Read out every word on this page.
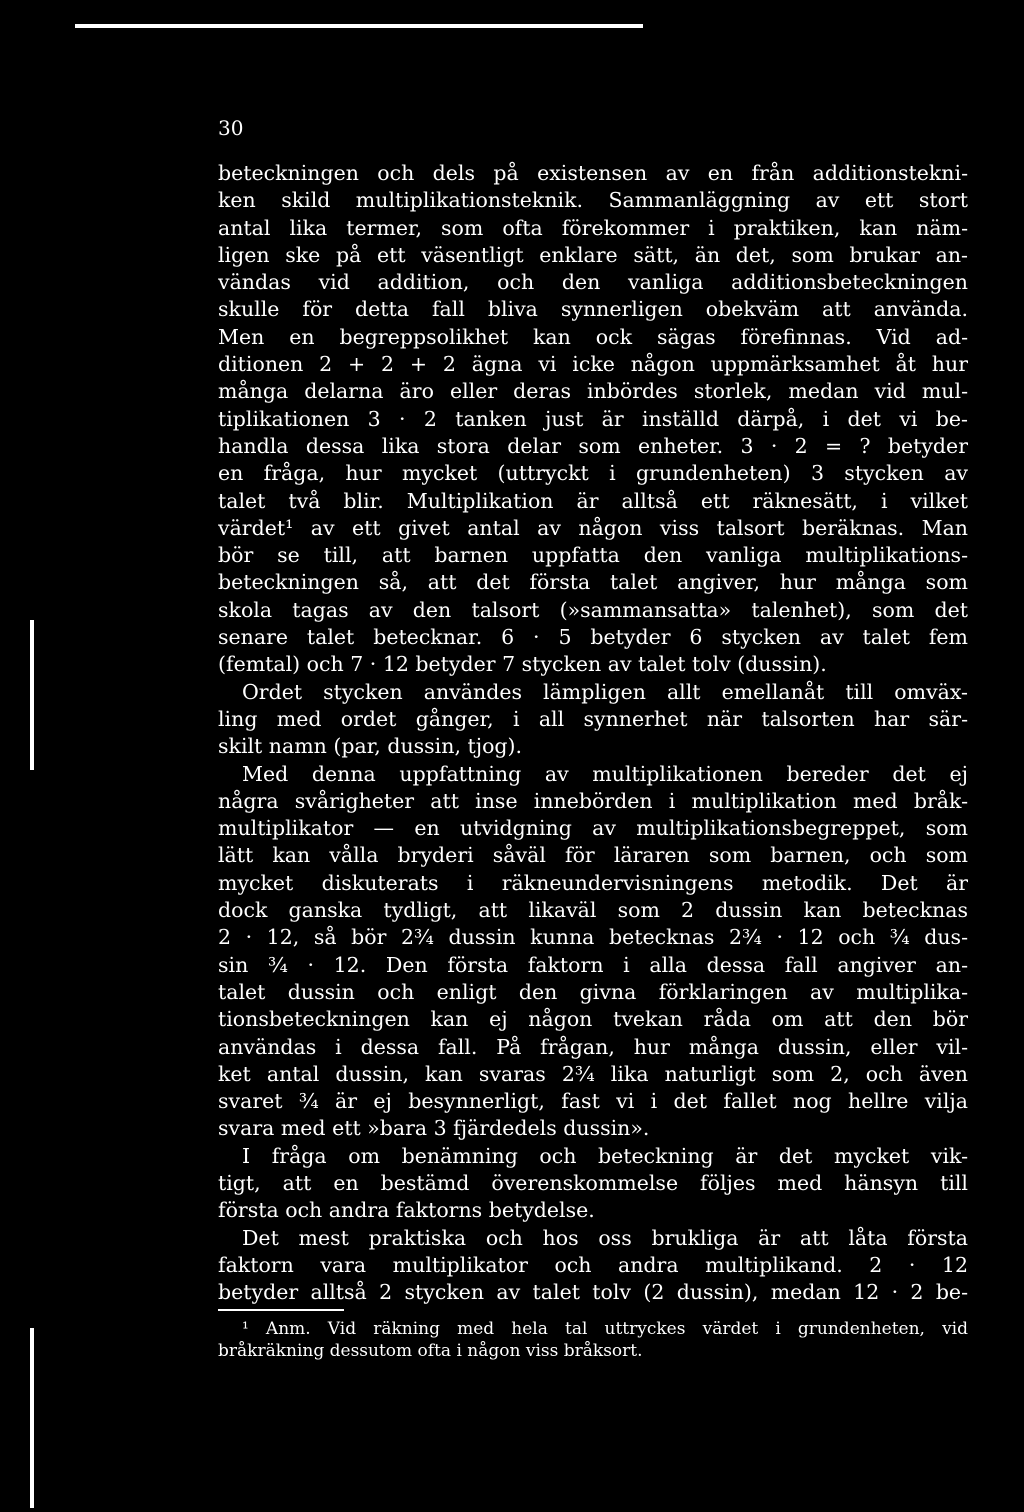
30
beteckningen och dels på existensen av en från additionstekni-
ken skild multiplikationsteknik. Sammanläggning av ett stort
antal lika termer, som ofta förekommer i praktiken, kan näm-
ligen ske på ett väsentligt enklare sätt, än det, som brukar an-
vändas vid addition, och den vanliga additionsbeteckningen
skulle för detta fall bliva synnerligen obekväm att använda.
Men en begreppsolikhet kan ock sägas förefinnas. Vid ad-
ditionen 2 + 2 + 2 ägna vi icke någon uppmärksamhet åt hur
många delarna äro eller deras inbördes storlek, medan vid mul-
tiplikationen 3 · 2 tanken just är inställd därpå, i det vi be-
handla dessa lika stora delar som enheter. 3 · 2 = ? betyder
en fråga, hur mycket (uttryckt i grundenheten) 3 stycken av
talet två blir. Multiplikation är alltså ett räknesätt, i vilket
värdet¹ av ett givet antal av någon viss talsort beräknas. Man
bör se till, att barnen uppfatta den vanliga multiplikations-
beteckningen så, att det första talet angiver, hur många som
skola tagas av den talsort (»sammansatta» talenhet), som det
senare talet betecknar. 6 · 5 betyder 6 stycken av talet fem
(femtal) och 7 · 12 betyder 7 stycken av talet tolv (dussin).
Ordet stycken användes lämpligen allt emellanåt till omväx-
ling med ordet gånger, i all synnerhet när talsorten har sär-
skilt namn (par, dussin, tjog).
Med denna uppfattning av multiplikationen bereder det ej
några svårigheter att inse innebörden i multiplikation med bråk-
multiplikator — en utvidgning av multiplikationsbegreppet, som
lätt kan vålla bryderi såväl för läraren som barnen, och som
mycket diskuterats i räkneundervisningens metodik. Det är
dock ganska tydligt, att likaväl som 2 dussin kan betecknas
2 · 12, så bör 2¾ dussin kunna betecknas 2¾ · 12 och ¾ dus-
sin ¾ · 12. Den första faktorn i alla dessa fall angiver an-
talet dussin och enligt den givna förklaringen av multiplika-
tionsbeteckningen kan ej någon tvekan råda om att den bör
användas i dessa fall. På frågan, hur många dussin, eller vil-
ket antal dussin, kan svaras 2¾ lika naturligt som 2, och även
svaret ¾ är ej besynnerligt, fast vi i det fallet nog hellre vilja
svara med ett »bara 3 fjärdedels dussin».
I fråga om benämning och beteckning är det mycket vik-
tigt, att en bestämd överenskommelse följes med hänsyn till
första och andra faktorns betydelse.
Det mest praktiska och hos oss brukliga är att låta första
faktorn vara multiplikator och andra multiplikand. 2 · 12
betyder alltså 2 stycken av talet tolv (2 dussin), medan 12 · 2 be-
¹ Anm. Vid räkning med hela tal uttryckes värdet i grundenheten, vid
bråkräkning dessutom ofta i någon viss bråksort.
